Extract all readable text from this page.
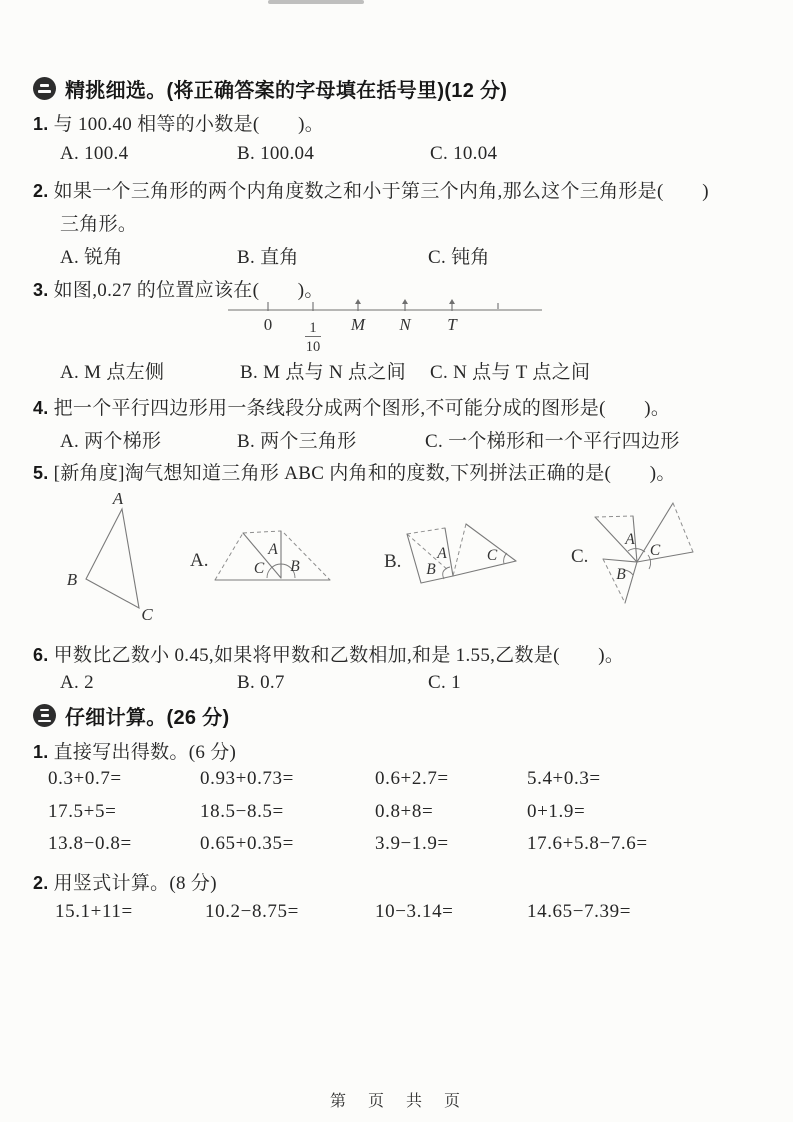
精挑细选。(将正确答案的字母填在括号里)(12 分)
1. 与 100.40 相等的小数是(　　)。
A. 100.4	B. 100.04	C. 10.04
2. 如果一个三角形的两个内角度数之和小于第三个内角,那么这个三角形是(　　)
三角形。
A. 锐角	B. 直角	C. 钝角
3. 如图,0.27 的位置应该在(　　)。
0	1
10
M N T
A. M 点左侧	B. M 点与 N 点之间 C. N 点与 T 点之间
4. 把一个平行四边形用一条线段分成两个图形,不可能分成的图形是(　　)。
A. 两个梯形	B. 两个三角形	C. 一个梯形和一个平行四边形
5. [新角度]淘气想知道三角形 ABC 内角和的度数,下列拼法正确的是(　　)。
A
B
C
A.
A
C B	B. A
B
C	C.
A
C
B
6. 甲数比乙数小 0.45,如果将甲数和乙数相加,和是 1.55,乙数是(　　)。
A. 2	B. 0.7	C. 1
仔细计算。(26 分)
1. 直接写出得数。(6 分)
0.3+0.7=	0.93+0.73=	0.6+2.7=	5.4+0.3=
17.5+5=	18.5−8.5=	0.8+8=	0+1.9=
13.8−0.8=	0.65+0.35=	3.9−1.9=	17.6+5.8−7.6=
2. 用竖式计算。(8 分)
15.1+11=	10.2−8.75=	10−3.14=	14.65−7.39=
第　页　共　页
